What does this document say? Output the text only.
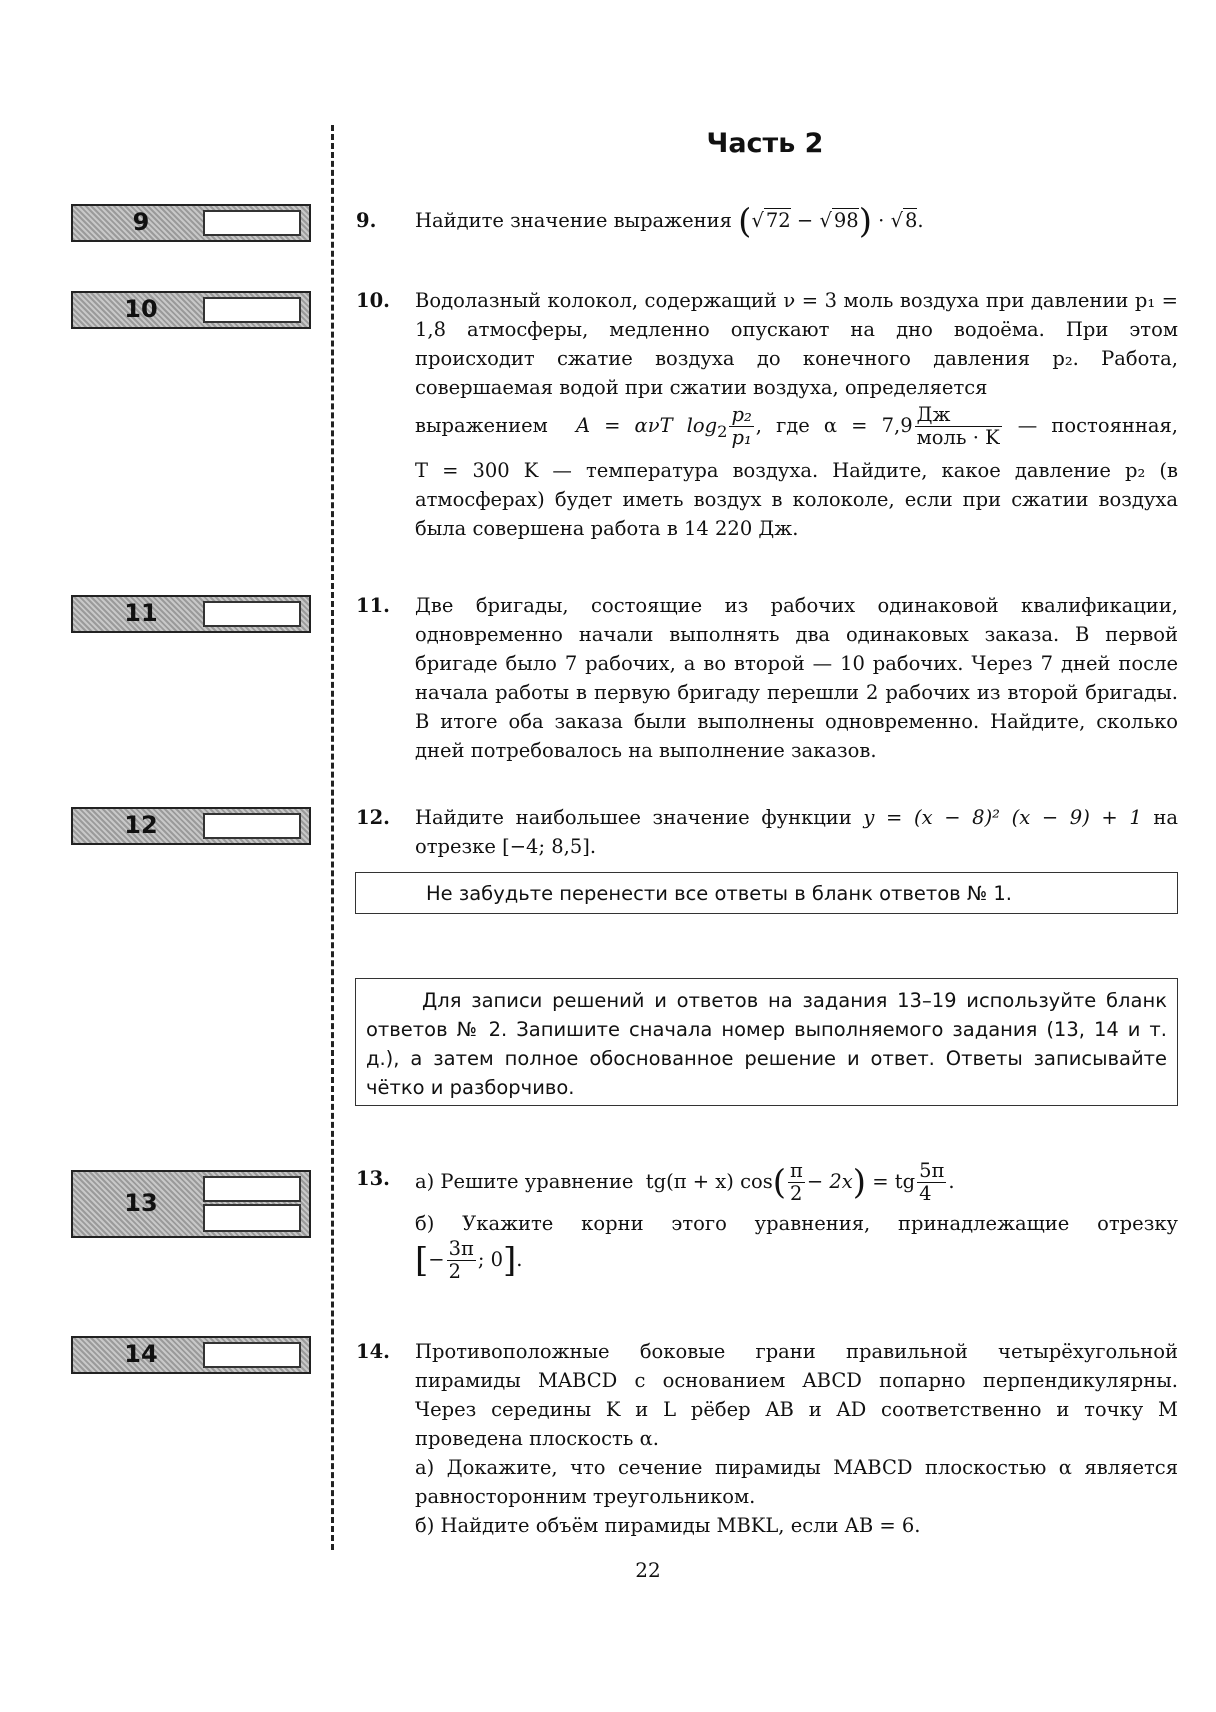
Часть 2
9
10
11
12
13
14
9. Найдите значение выражения (√ 72 − √ 98) · √ 8.
10. Водолазный колокол, содержащий ν = 3 моль воздуха при давлении p₁ = 1,8 атмосферы, медленно опускают на дно водоёма. При этом происходит сжатие воздуха до конечного давления p₂. Работа, совершаемая водой при сжатии воздуха, определяется

выражением A = ανT $\log_2 \frac{\text{p₂}}{\text{p₁}}$ , где $\alpha = 7,9 \frac{Дж}{\text{моль · K}}$ — постоянная,

T = 300 K — температура воздуха. Найдите, какое давление p₂ (в атмосферах) будет иметь воздух в колоколе, если при сжатии воздуха была совершена работа в 14 220 Дж.

11. Две бригады, состоящие из рабочих одинаковой квалификации, одновременно начали выполнять два одинаковых заказа. В первой бригаде было 7 рабочих, а во второй — 10 рабочих. Через 7 дней после начала работы в первую бригаду перешли 2 рабочих из второй бригады. В итоге оба заказа были выполнены одновременно. Найдите, сколько дней потребовалось на выполнение заказов.

12. Найдите наибольшее значение функции y = (x − 8)² (x − 9) + 1 на отрезке [−4; 8,5].
Не забудьте перенести все ответы в бланк ответов № 1.
Для записи решений и ответов на задания 13–19 используйте бланк ответов № 2. Запишите сначала номер выполняемого задания (13, 14 и т. д.), а затем полное обоснованное решение и ответ. Ответы записывайте чётко и разборчиво.
13. а) Решите уравнение tg(π + x) $\cos( \frac{\pi}{2} - 2x)$ = tg $\frac{5\pi}{4}$ .

б) Укажите корни этого уравнения, принадлежащие отрезку

[− $\frac{3\pi}{2}$ ; 0].

14. Противоположные боковые грани правильной четырёхугольной пирамиды MABCD с основанием ABCD попарно перпендикулярны. Через середины K и L рёбер AB и AD соответственно и точку M проведена плоскость α.

а) Докажите, что сечение пирамиды MABCD плоскостью α является равносторонним треугольником.

б) Найдите объём пирамиды MBKL, если AB = 6.

22
